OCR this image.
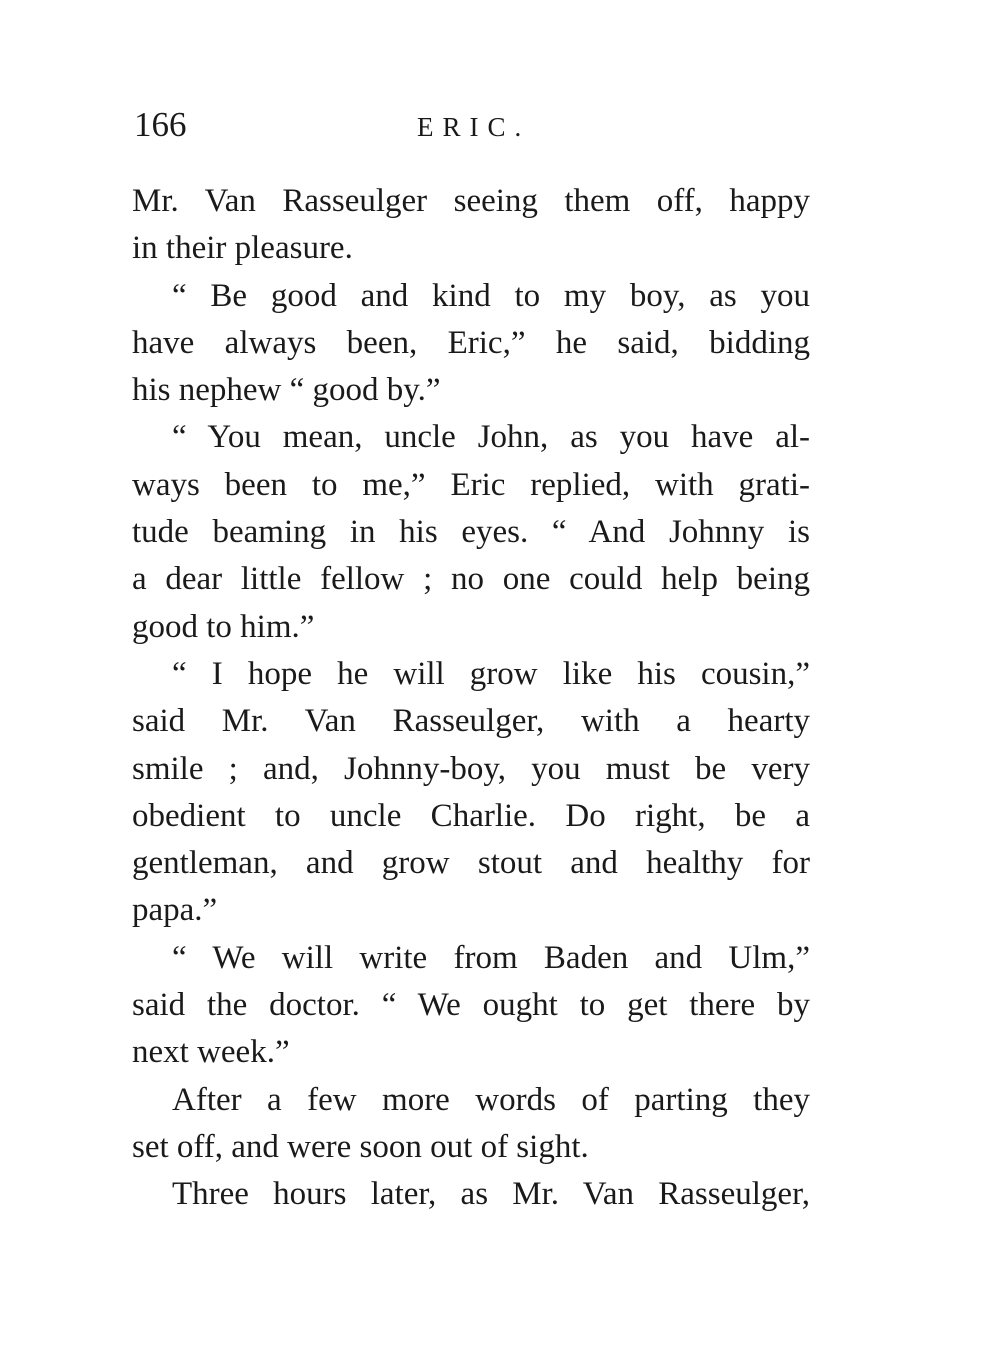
166	ERIC.
Mr. Van Rasseulger seeing them off, happy
in their pleasure.
“ Be good and kind to my boy, as you
have always been, Eric,” he said, bidding
his nephew “ good by.”
“ You mean, uncle John, as you have al-
ways been to me,” Eric replied, with grati-
tude beaming in his eyes. “ And Johnny is
a dear little fellow ; no one could help being
good to him.”
“ I hope he will grow like his cousin,”
said Mr. Van Rasseulger, with a hearty
smile ; and, Johnny-boy, you must be very
obedient to uncle Charlie. Do right, be a
gentleman, and grow stout and healthy for
papa.”
“ We will write from Baden and Ulm,”
said the doctor. “ We ought to get there by
next week.”
After a few more words of parting they
set off, and were soon out of sight.
Three hours later, as Mr. Van Rasseulger,
